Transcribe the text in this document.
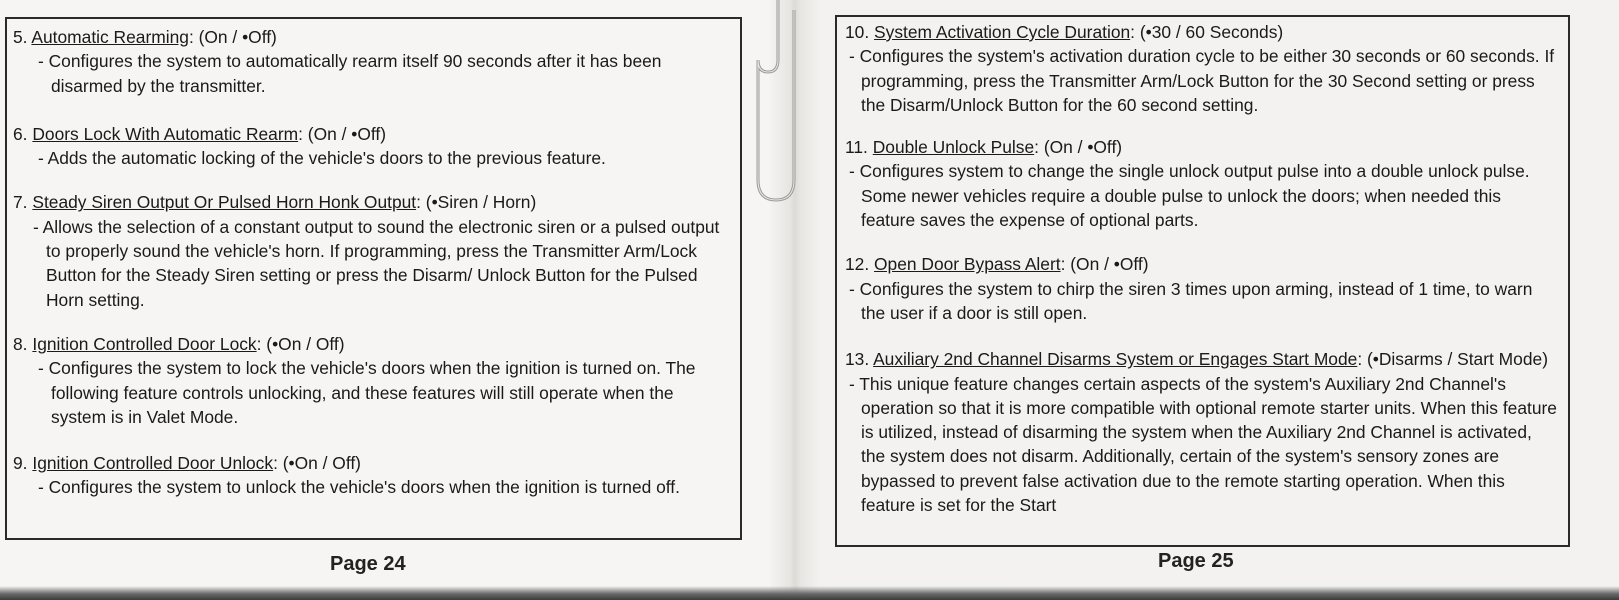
5. Automatic Rearming: (On / •Off)
- Configures the system to automatically rearm itself 90 seconds after it has been disarmed by the transmitter.
6. Doors Lock With Automatic Rearm: (On / •Off)
- Adds the automatic locking of the vehicle's doors to the previous feature.
7. Steady Siren Output Or Pulsed Horn Honk Output: (•Siren / Horn)
- Allows the selection of a constant output to sound the electronic siren or a pulsed output to properly sound the vehicle's horn. If programming, press the Transmitter Arm/Lock Button for the Steady Siren setting or press the Disarm/ Unlock Button for the Pulsed Horn setting.
8. Ignition Controlled Door Lock: (•On / Off)
- Configures the system to lock the vehicle's doors when the ignition is turned on. The following feature controls unlocking, and these features will still operate when the system is in Valet Mode.
9. Ignition Controlled Door Unlock: (•On / Off)
- Configures the system to unlock the vehicle's doors when the ignition is turned off.
Page 24
10. System Activation Cycle Duration: (•30 / 60 Seconds)
- Configures the system's activation duration cycle to be either 30 seconds or 60 seconds. If programming, press the Transmitter Arm/Lock Button for the 30 Second setting or press the Disarm/Unlock Button for the 60 second setting.
11. Double Unlock Pulse: (On / •Off)
- Configures system to change the single unlock output pulse into a double unlock pulse. Some newer vehicles require a double pulse to unlock the doors; when needed this feature saves the expense of optional parts.
12. Open Door Bypass Alert: (On / •Off)
- Configures the system to chirp the siren 3 times upon arming, instead of 1 time, to warn the user if a door is still open.
13. Auxiliary 2nd Channel Disarms System or Engages Start Mode: (•Disarms / Start Mode)
- This unique feature changes certain aspects of the system's Auxiliary 2nd Channel's operation so that it is more compatible with optional remote starter units. When this feature is utilized, instead of disarming the system when the Auxiliary 2nd Channel is activated, the system does not disarm. Additionally, certain of the system's sensory zones are bypassed to prevent false activation due to the remote starting operation. When this feature is set for the Start
Page 25
